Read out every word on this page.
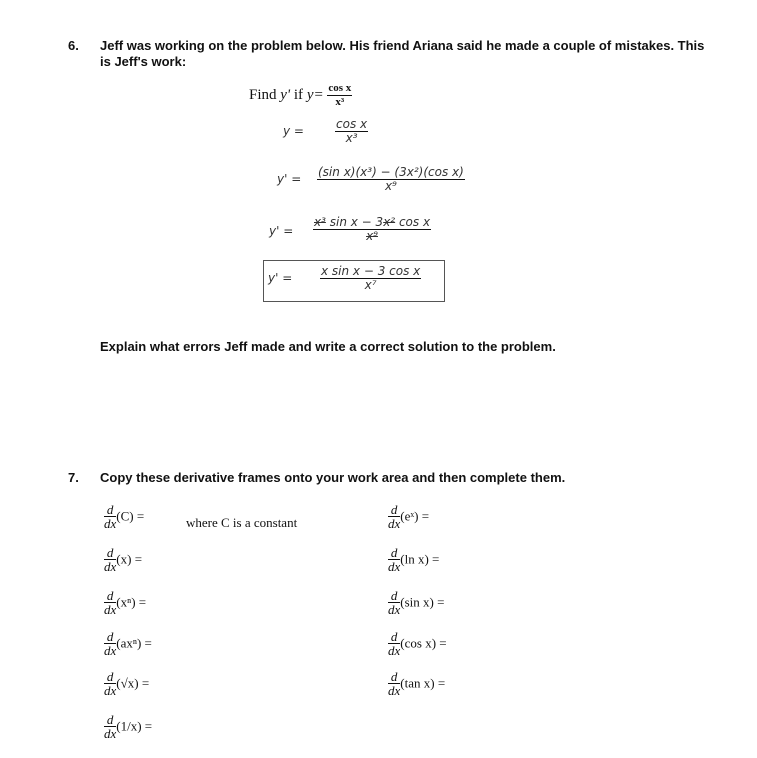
6. Jeff was working on the problem below. His friend Ariana said he made a couple of mistakes. This is Jeff's work:
Find y' if $y= \frac{\text{cos x}}{\text{x³}}$
y =	$\frac{\text{cos x}}{\text{x³}}$
$y' = \frac{\text{(sin x)(x³) − (3x²)(cos x)}}{\text{x⁹}}$
$y' = \frac{\text{x³ sin x − 3x² cos x}}{\text{x⁹}}$
$y' = \frac{\text{x sin x − 3 cos x}}{\text{x⁷}}$
Explain what errors Jeff made and write a correct solution to the problem.
7. Copy these derivative frames onto your work area and then complete them.
$\frac{d}{dx} (C)$ =	where C is a constant
$\frac{d}{dx} (x)$ =
$\frac{d}{dx} (x^n)$ =
$\frac{d}{dx} (ax^n)$ =
$\frac{d}{dx} (√x)$ =
$\frac{d}{dx} (1/x)$ =
$\frac{d}{dx}$ (eˣ) =
$\frac{d}{dx} (\ln$ x) =
$\frac{d}{dx} (\sin$ x) =
$\frac{d}{dx} (\cos$ x) =
$\frac{d}{dx} (\tan$ x) =
